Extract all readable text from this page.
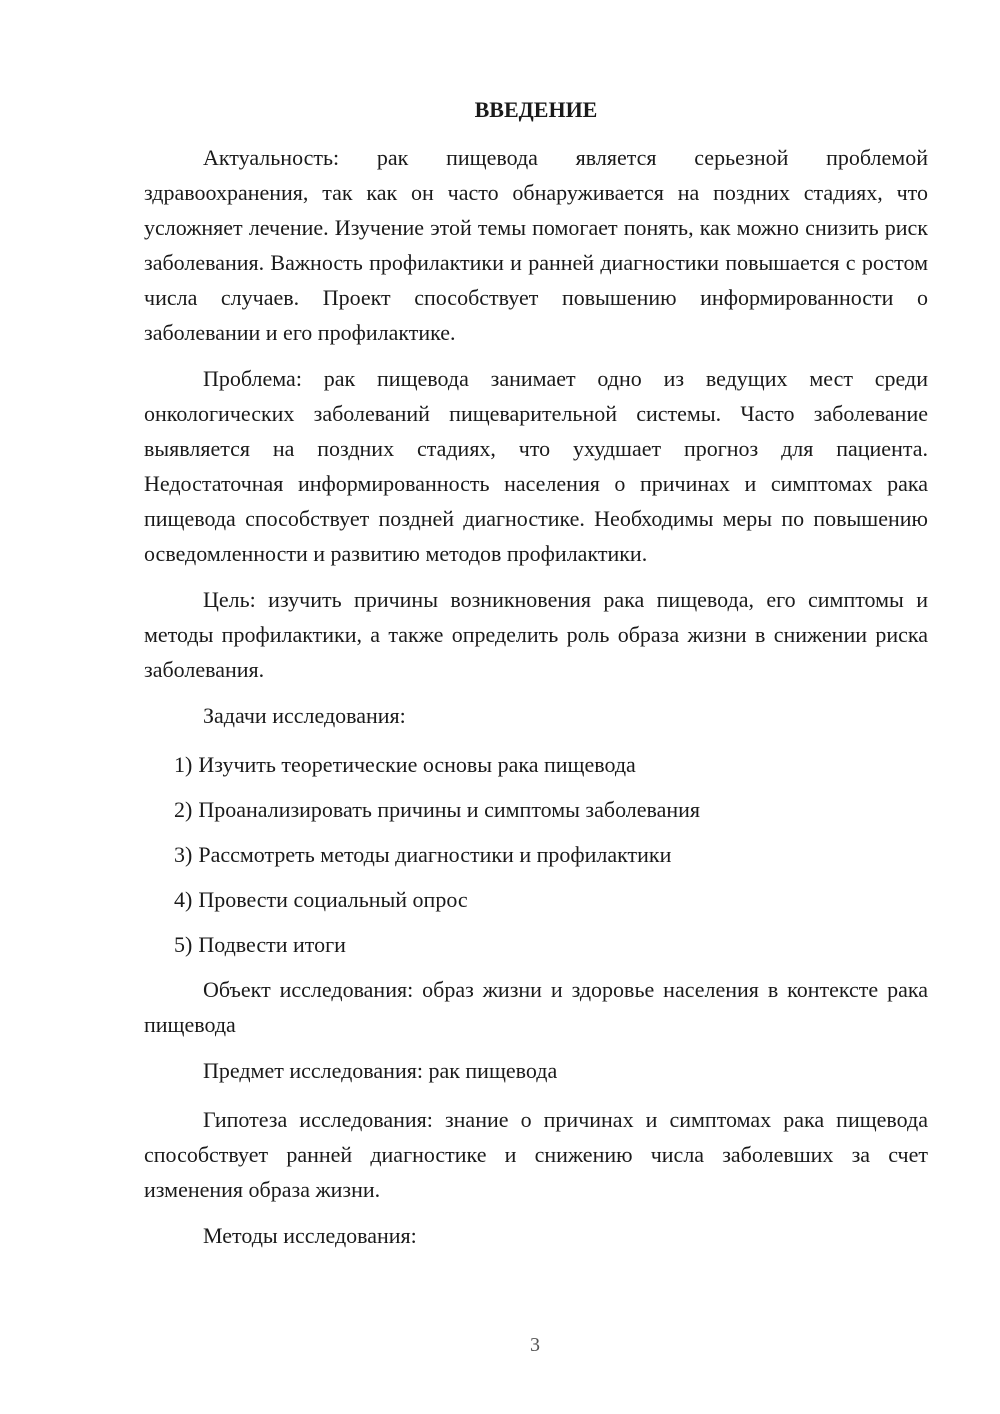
ВВЕДЕНИЕ

Актуальность: рак пищевода является серьезной проблемой здравоохранения, так как он часто обнаруживается на поздних стадиях, что усложняет лечение. Изучение этой темы помогает понять, как можно снизить риск заболевания. Важность профилактики и ранней диагностики повышается с ростом числа случаев. Проект способствует повышению информированности о заболевании и его профилактике.

Проблема: рак пищевода занимает одно из ведущих мест среди онкологических заболеваний пищеварительной системы. Часто заболевание выявляется на поздних стадиях, что ухудшает прогноз для пациента. Недостаточная информированность населения о причинах и симптомах рака пищевода способствует поздней диагностике. Необходимы меры по повышению осведомленности и развитию методов профилактики.

Цель: изучить причины возникновения рака пищевода, его симптомы и методы профилактики, а также определить роль образа жизни в снижении риска заболевания.

Задачи исследования:

1) Изучить теоретические основы рака пищевода
2) Проанализировать причины и симптомы заболевания
3) Рассмотреть методы диагностики и профилактики
4) Провести социальный опрос
5) Подвести итоги

Объект исследования: образ жизни и здоровье населения в контексте рака пищевода

Предмет исследования: рак пищевода

Гипотеза исследования: знание о причинах и симптомах рака пищевода способствует ранней диагностике и снижению числа заболевших за счет изменения образа жизни.

Методы исследования:

3
